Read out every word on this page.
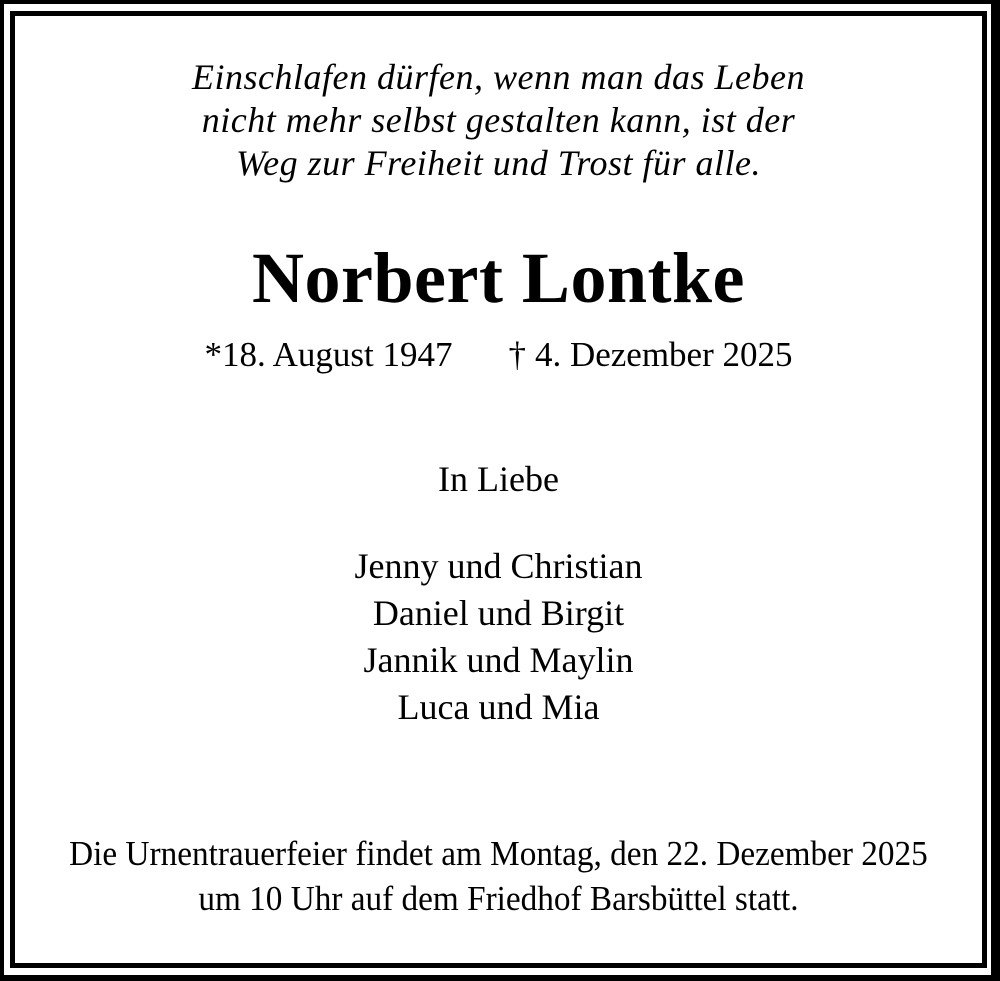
Einschlafen dürfen, wenn man das Leben
nicht mehr selbst gestalten kann, ist der
Weg zur Freiheit und Trost für alle.
Norbert Lontke
*18. August 1947 † 4. Dezember 2025
In Liebe
Jenny und Christian
Daniel und Birgit
Jannik und Maylin
Luca und Mia
Die Urnentrauerfeier findet am Montag, den 22. Dezember 2025
um 10 Uhr auf dem Friedhof Barsbüttel statt.
